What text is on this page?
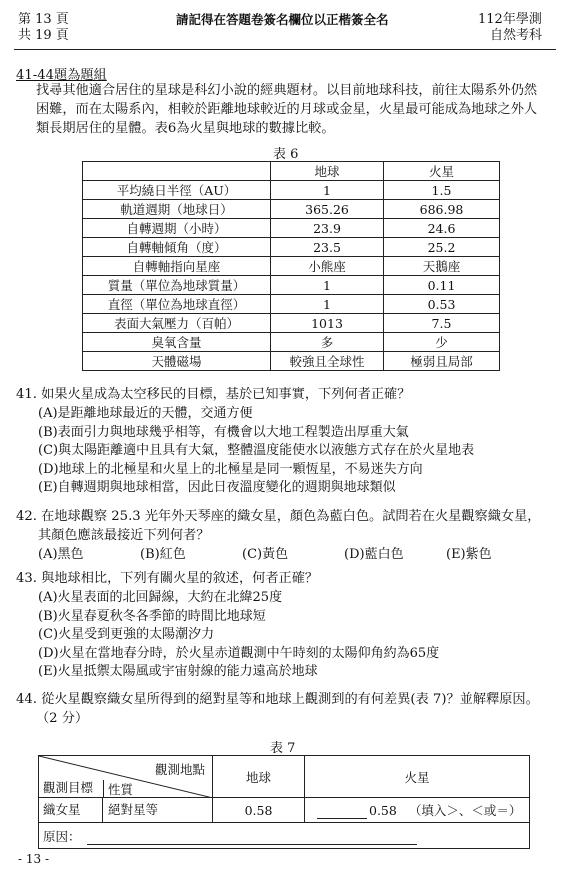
第 13 頁
共 19 頁
請記得在答題卷簽名欄位以正楷簽全名	112年學測
自然考科
41-44題為題組
找尋其他適合居住的星球是科幻小說的經典題材。以目前地球科技，前往太陽系外仍然
困難，而在太陽系內，相較於距離地球較近的月球或金星，火星最可能成為地球之外人
類長期居住的星體。表6為火星與地球的數據比較。
表 6
	地球	火星
平均繞日半徑（AU）	1	1.5
軌道週期（地球日）	365.26	686.98
自轉週期（小時）	23.9	24.6
自轉軸傾角（度）	23.5	25.2
自轉軸指向星座	小熊座	天鵝座
質量（單位為地球質量）	1	0.11
直徑（單位為地球直徑）	1	0.53
表面大氣壓力（百帕）	1013	7.5
臭氧含量	多	少
天體磁場	較強且全球性	極弱且局部
41. 如果火星成為太空移民的目標，基於已知事實，下列何者正確？
(A)是距離地球最近的天體，交通方便
(B)表面引力與地球幾乎相等，有機會以大地工程製造出厚重大氣
(C)與太陽距離適中且具有大氣，整體溫度能使水以液態方式存在於火星地表
(D)地球上的北極星和火星上的北極星是同一顆恆星，不易迷失方向
(E)自轉週期與地球相當，因此日夜溫度變化的週期與地球類似
42. 在地球觀察 25.3 光年外天琴座的織女星，顏色為藍白色。試問若在火星觀察織女星，
其顏色應該最接近下列何者？
(A)黑色	(B)紅色	(C)黃色	(D)藍白色	(E)紫色
43. 與地球相比，下列有關火星的敘述，何者正確？
(A)火星表面的北回歸線，大約在北緯25度
(B)火星春夏秋冬各季節的時間比地球短
(C)火星受到更強的太陽潮汐力
(D)火星在當地春分時，於火星赤道觀測中午時刻的太陽仰角約為65度
(E)火星抵禦太陽風或宇宙射線的能力遠高於地球
44. 從火星觀察織女星所得到的絕對星等和地球上觀測到的有何差異(表 7)？並解釋原因。
（2 分）
表 7
觀測地點
觀測目標 性質	地球	火星
織女星 絕對星等	0.58	0.58 （填入＞、＜或＝）
原因：		
- 13 -
